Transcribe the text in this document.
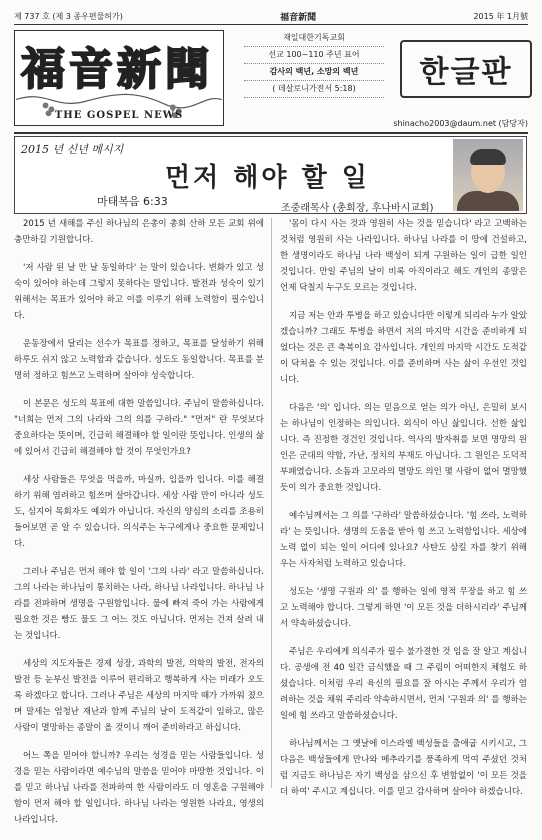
제 737 호 (제 3 종우편물허가)	福音新聞	2015 年 1月號
福音新聞
THE GOSPEL NEWS
재일대한기독교회
선교 100~110 주년 표어
감사의 백년, 소망의 백년
( 데살로니가전서 5:18)	한글판
shinacho2003@daum.net (담당자)
2015 년 신년 메시지
먼저 해야 할 일
마태복음 6:33
조중래목사 (총회장, 후나바시교회)

2015 년 새해를 주신 하나님의 은총이 총회 산하 모든 교회 위에 충만하길 기원합니다.

'저 사람 된 날 만 날 동일하다' 는 말이 있습니다. 변화가 있고 성숙이 있어야 하는데 그렇지 못하다는 말입니다. 발전과 성숙이 있기 위해서는 목표가 있어야 하고 이를 이루기 위해 노력함이 필수입니다.

운동장에서 달리는 선수가 목표를 정하고, 목표를 달성하기 위해 하루도 쉬지 않고 노력함과 같습니다. 성도도 동일합니다. 목표를 분명히 정하고 힘쓰고 노력하며 살아야 성숙합니다.

이 본문은 성도의 목표에 대한 말씀입니다. 주님이 말씀하십니다. "너희는 먼저 그의 나라와 그의 의를 구하라." "먼저" 란 무엇보다 중요하다는 뜻이며, 긴급히 해결해야 할 일이란 뜻입니다. 인생의 삶에 있어서 긴급히 해결해야 할 것이 무엇인가요?

세상 사람들은 무엇을 먹을까, 마실까, 입을까 입니다. 이를 해결하기 위해 염려하고 힘쓰며 살아갑니다. 세상 사람 만이 아니라 성도도, 심지어 목회자도 예외가 아닙니다. 자신의 양심의 소리를 조용히 들어보면 곧 알 수 있습니다. 의식주는 누구에게나 중요한 문제입니다.

그러나 주님은 먼저 해야 할 일이 '그의 나라' 라고 말씀하십니다. 그의 나라는 하나님이 통치하는 나라, 하나님 나라입니다. 하나님 나라를 전파하며 생명을 구원함입니다. 물에 빠져 죽어 가는 사람에게 필요한 것은 빵도 물도 그 어느 것도 아닙니다. 먼저는 건져 살려 내는 것입니다.

세상의 지도자들은 경제 성장, 과학의 발전, 의학의 발전, 전자의 발전 등 눈부신 발전을 이루어 편리하고 행복하게 사는 미래가 오도록 하겠다고 합니다. 그러나 주님은 세상의 마지막 때가 가까워 졌으며 말세는 엄청난 재난과 함께 주님의 날이 도적같이 임하고, 많은 사람이 멸망하는 종말이 올 것이니 깨어 준비하라고 하십니다.

어느 쪽을 믿어야 할니까? 우리는 성경을 믿는 사람들입니다. 성경을 믿는 사람이라면 예수님의 말씀을 믿어야 마땅한 것입니다. 이를 믿고 하나님 나라를 전파하여 한 사람이라도 더 영혼을 구원해야 함이 먼저 해야 할 일입니다. 하나님 나라는 영원한 나라요, 영생의 나라입니다.

'몸이 다시 사는 것과 영원히 사는 것을 믿습니다' 라고 고백하는 것처럼 영원히 사는 나라입니다. 하나님 나라를 이 땅에 건설하고, 한 생명이라도 하나님 나라 백성이 되게 구원하는 일이 급한 일인 것입니다. 만일 주님의 날이 비록 아직이라고 해도 개인의 종말은 언제 닥칠지 누구도 모르는 것입니다.

지금 저는 안과 투병을 하고 있습니다만 이렇게 되리라 누가 알았겠습니까? 그래도 투병을 하면서 저의 마지막 시간을 준비하게 되었다는 것은 큰 축복이요 감사입니다. 개인의 마지막 시간도 도적같이 닥쳐올 수 있는 것입니다. 이를 준비하며 사는 삶이 우선인 것입니다.

다음은 '의' 입니다. 의는 믿음으로 얻는 의가 아닌, 은밀히 보시는 하나님이 인정하는 의입니다. 외식이 아닌 삶입니다. 선한 삶입니다. 즉 진정한 경건인 것입니다. 역사의 발자취를 보면 명망의 원인은 군대의 약함, 가난, 정치의 부재도 아닙니다. 그 원인은 도덕적 부패였습니다. 소돔과 고모라의 멸망도 의인 몇 사람이 없어 멸망했듯이 의가 중요한 것입니다.

예수님께서는 그 의를 '구하라' 말씀하셨습니다. '힘 쓰라, 노력하라' 는 뜻입니다. 생명의 도움을 받아 힘 쓰고 노력함입니다. 세상에 노력 없이 되는 일이 어디에 있나요? 사탄도 삼킬 자를 찾기 위해 우는 사자처럼 노력하고 있습니다.

성도는 '생명 구원과 의' 를 행하는 일에 영적 무장을 하고 힘 쓰고 노력해야 합니다. 그렇게 하면 '이 모든 것을 더하시리라' 주님께서 약속하셨습니다.

주님은 우리에게 의식주가 필수 불가결한 것 임을 잘 알고 계십니다. 공생애 전 40 일간 금식했을 때 그 주림이 어떠한지 체험도 하셨습니다. 이처럼 우리 육신의 필요를 잘 아시는 주께서 우리가 염려하는 것을 채워 주리라 약속하시면서, 먼저 '구원과 의' 를 행하는 일에 힘 쓰라고 말씀하셨습니다.

하나님께서는 그 옛날에 이스라엘 백성들을 출애굽 시키시고, 그 다음은 백성들에게 만나와 메추라기를 풍족하게 먹여 주셨던 것처럼 지금도 하나님은 자기 백성을 삼으신 후 변함없이 '이 모든 것을 더 하여' 주시고 계십니다. 이를 믿고 감사하며 살아야 하겠습니다.
